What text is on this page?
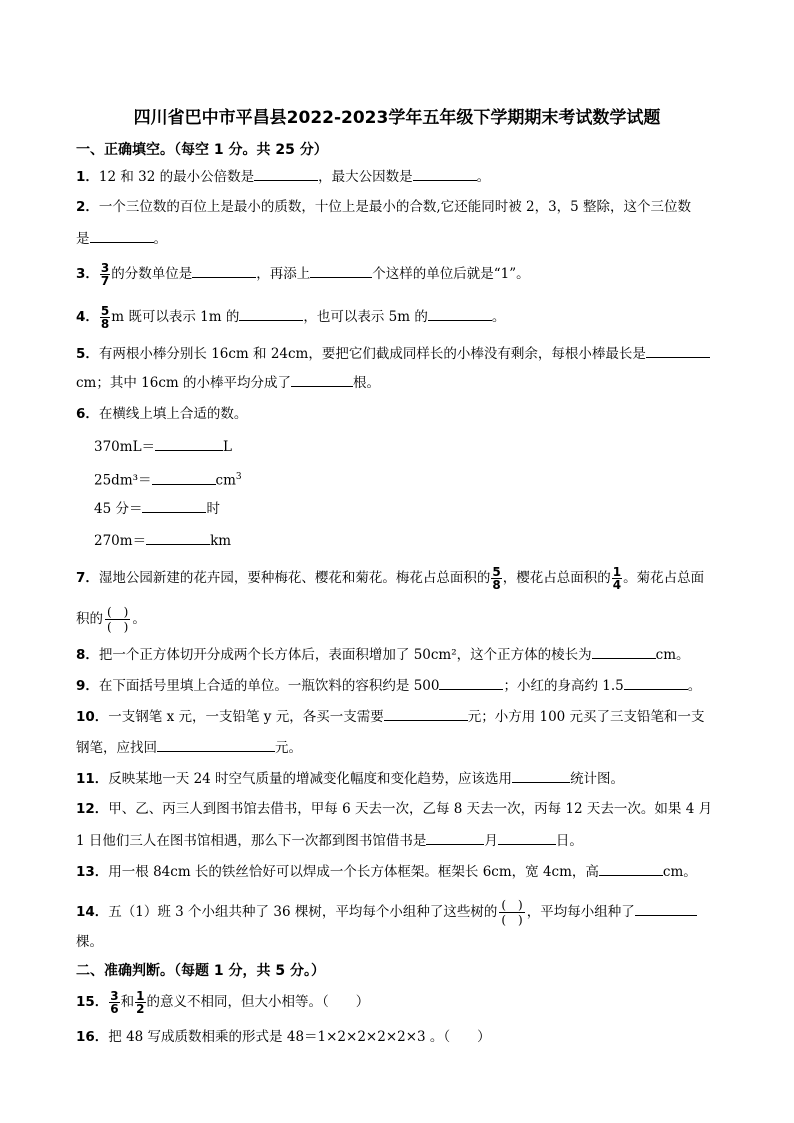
四川省巴中市平昌县2022-2023学年五年级下学期期末考试数学试题
一、正确填空。（每空 1 分。共 25 分）
1．12 和 32 的最小公倍数是	，最大公因数是	。
2．一个三位数的百位上是最小的质数，十位上是最小的合数,它还能同时被 2，3，5 整除，这个三位数
是	。
3． $\frac{3}{7}$ 的分数单位是	，再添上	个这样的单位后就是“1”。
4． $\frac{5}{8}$ m 既可以表示 1m 的	，也可以表示 5m 的	。
5．有两根小棒分别长 16cm 和 24cm，要把它们截成同样长的小棒没有剩余，每根小棒最长是
cm；其中 16cm 的小棒平均分成了	根。
6．在横线上填上合适的数。
370mL＝	L
25dm³＝	$cm^3$
45 分＝	时
270m＝	km
7．湿地公园新建的花卉园，要种梅花、樱花和菊花。梅花占总面积的 $\frac{5}{8}$ ，樱花占总面积的 $\frac{1}{4}$ 。菊花占总面
积的 (　)
(　) 。
8．把一个正方体切开分成两个长方体后，表面积增加了 50cm²，这个正方体的棱长为	cm。
9．在下面括号里填上合适的单位。一瓶饮料的容积约是 500	；小红的身高约 1.5	。
10．一支钢笔 x 元，一支铅笔 y 元，各买一支需要	元；小方用 100 元买了三支铅笔和一支
钢笔，应找回	元。
11．反映某地一天 24 时空气质量的增减变化幅度和变化趋势，应该选用	统计图。
12．甲、乙、丙三人到图书馆去借书，甲每 6 天去一次，乙每 8 天去一次，丙每 12 天去一次。如果 4 月
1 日他们三人在图书馆相遇，那么下一次都到图书馆借书是	月	日。
13．用一根 84cm 长的铁丝恰好可以焊成一个长方体框架。框架长 6cm，宽 4cm，高	cm。
14．五（1）班 3 个小组共种了 36 棵树，平均每个小组种了这些树的 (　)
(　) ，平均每小组种了
棵。
二、准确判断。（每题 1 分，共 5 分。）
15． $\frac{3}{6}$ 和 $\frac{1}{2}$ 的意义不相同，但大小相等。（　　）
16．把 48 写成质数相乘的形式是 48＝1×2×2×2×2×3 。（　　）
